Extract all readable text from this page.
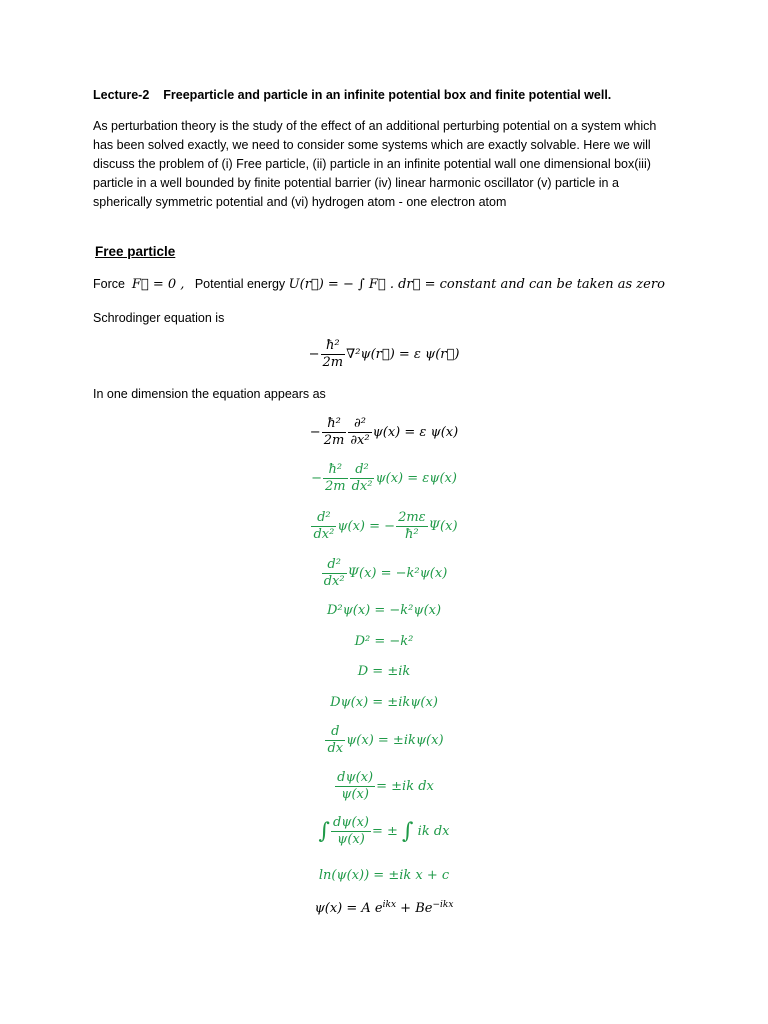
Lecture-2 Freeparticle and particle in an infinite potential box and finite potential well.

As perturbation theory is the study of the effect of an additional perturbing potential on a system which has been solved exactly, we need to consider some systems which are exactly solvable. Here we will discuss the problem of (i) Free particle, (ii) particle in an infinite potential wall one dimensional box(iii) particle in a well bounded by finite potential barrier (iv) linear harmonic oscillator (v) particle in a spherically symmetric potential and (vi) hydrogen atom - one electron atom

Free particle
Force F⃗ = 0 , Potential energy U(r⃗) = − ∫ F⃗ . dr⃗ = constant and can be taken as zero
Schrodinger equation is
− $\frac{\text{ħ²}}{2m}$ ∇²ψ(r⃗) = ε ψ(r⃗)
In one dimension the equation appears as
− $\frac{\text{ħ²}}{2m} \frac{\text{∂²}}{\text{∂x²}} \psi(x) = \varepsilon$ ψ(x)
− $\frac{\text{ħ²}}{2m} \frac{\text{d²}}{\text{dx²}} \psi(x) = \varepsilon\psi(x)$
$\frac{\text{d²}}{\text{dx²}} \psi(x)$ = − $\frac{2m\varepsilon}{\text{ħ²}} \Psi(x)$
$\frac{\text{d²}}{\text{dx²}} \Psi(x) = -k^2\psi(x)$
D²ψ(x) = −k²ψ(x)
D² = −k²
D = ±ik
Dψ(x) = ±ikψ(x)
$\frac{d}{dx} \psi(x) = \pm ik\psi(x)$
$\frac{d\psi(x)}{\psi(x)} = \pm ik$ dx
∫ $\frac{d\psi(x)}{\psi(x)}$ = ± ∫ ik dx
ln(ψ(x)) = ±ik x + c
ψ(x) = A $e^{ikx} + Be^{-ikx}$
